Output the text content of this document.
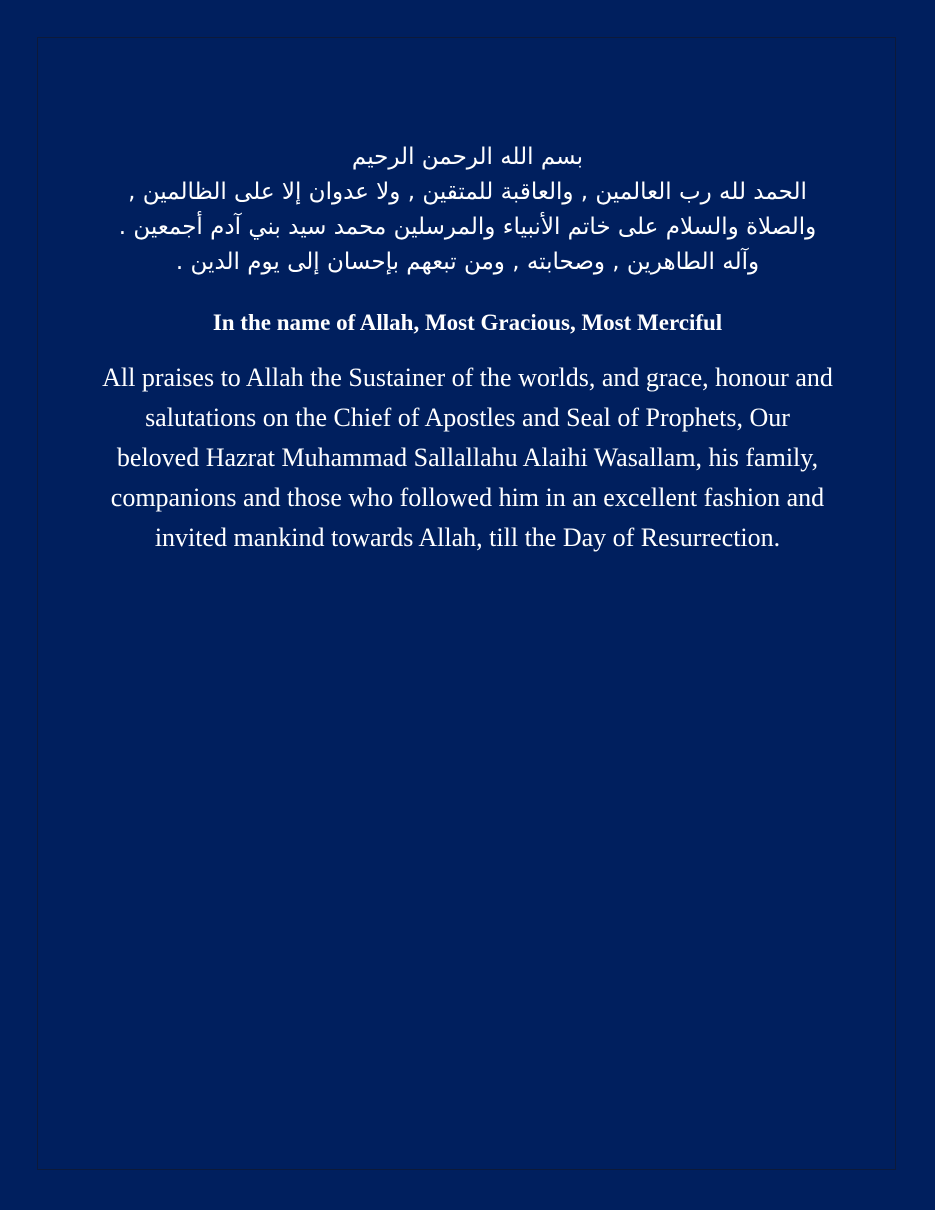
بسم الله الرحمن الرحيم

الحمد لله رب العالمين , والعاقبة للمتقين , ولا عدوان إلا على الظالمين , والصلاة والسلام على خاتم الأنبياء والمرسلين محمد سيد بني آدم أجمعين . وآله الطاهرين , وصحابته , ومن تبعهم بإحسان إلى يوم الدين .

In the name of Allah, Most Gracious, Most Merciful

All praises to Allah the Sustainer of the worlds, and grace, honour and salutations on the Chief of Apostles and Seal of Prophets, Our beloved Hazrat Muhammad Sallallahu Alaihi Wasallam, his family, companions and those who followed him in an excellent fashion and invited mankind towards Allah, till the Day of Resurrection.
